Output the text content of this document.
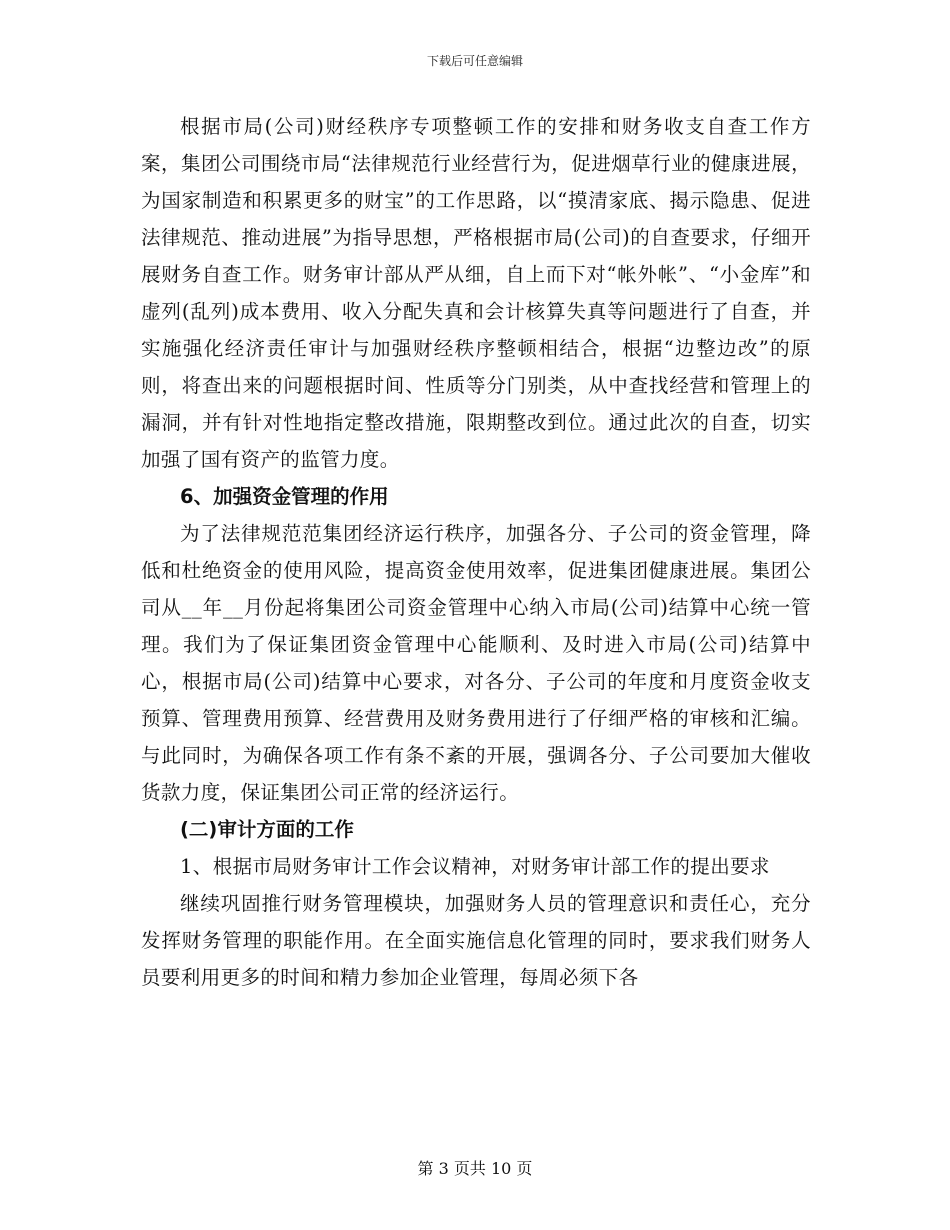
下载后可任意编辑

根据市局(公司)财经秩序专项整顿工作的安排和财务收支自查工作方案，集团公司围绕市局“法律规范行业经营行为，促进烟草行业的健康进展，为国家制造和积累更多的财宝”的工作思路，以“摸清家底、揭示隐患、促进法律规范、推动进展”为指导思想，严格根据市局(公司)的自查要求，仔细开展财务自查工作。财务审计部从严从细，自上而下对“帐外帐”、“小金库”和虚列(乱列)成本费用、收入分配失真和会计核算失真等问题进行了自查，并实施强化经济责任审计与加强财经秩序整顿相结合，根据“边整边改”的原则，将查出来的问题根据时间、性质等分门别类，从中查找经营和管理上的漏洞，并有针对性地指定整改措施，限期整改到位。通过此次的自查，切实加强了国有资产的监管力度。

6、加强资金管理的作用

为了法律规范范集团经济运行秩序，加强各分、子公司的资金管理，降低和杜绝资金的使用风险，提高资金使用效率，促进集团健康进展。集团公司从__年__月份起将集团公司资金管理中心纳入市局(公司)结算中心统一管理。我们为了保证集团资金管理中心能顺利、及时进入市局(公司)结算中心，根据市局(公司)结算中心要求，对各分、子公司的年度和月度资金收支预算、管理费用预算、经营费用及财务费用进行了仔细严格的审核和汇编。与此同时，为确保各项工作有条不紊的开展，强调各分、子公司要加大催收货款力度，保证集团公司正常的经济运行。

(二)审计方面的工作

1、根据市局财务审计工作会议精神，对财务审计部工作的提出要求

继续巩固推行财务管理模块，加强财务人员的管理意识和责任心，充分发挥财务管理的职能作用。在全面实施信息化管理的同时，要求我们财务人员要利用更多的时间和精力参加企业管理，每周必须下各

第 3 页共 10 页
